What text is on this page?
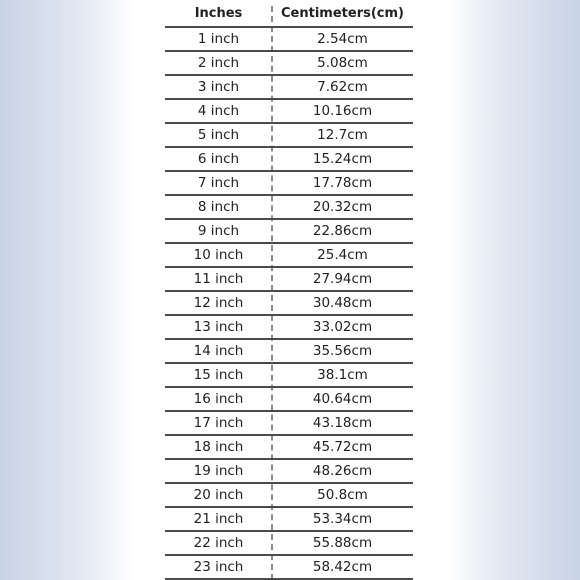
Inches	Centimeters(cm)
1 inch	2.54cm
2 inch	5.08cm
3 inch	7.62cm
4 inch	10.16cm
5 inch	12.7cm
6 inch	15.24cm
7 inch	17.78cm
8 inch	20.32cm
9 inch	22.86cm
10 inch	25.4cm
11 inch	27.94cm
12 inch	30.48cm
13 inch	33.02cm
14 inch	35.56cm
15 inch	38.1cm
16 inch	40.64cm
17 inch	43.18cm
18 inch	45.72cm
19 inch	48.26cm
20 inch	50.8cm
21 inch	53.34cm
22 inch	55.88cm
23 inch	58.42cm
